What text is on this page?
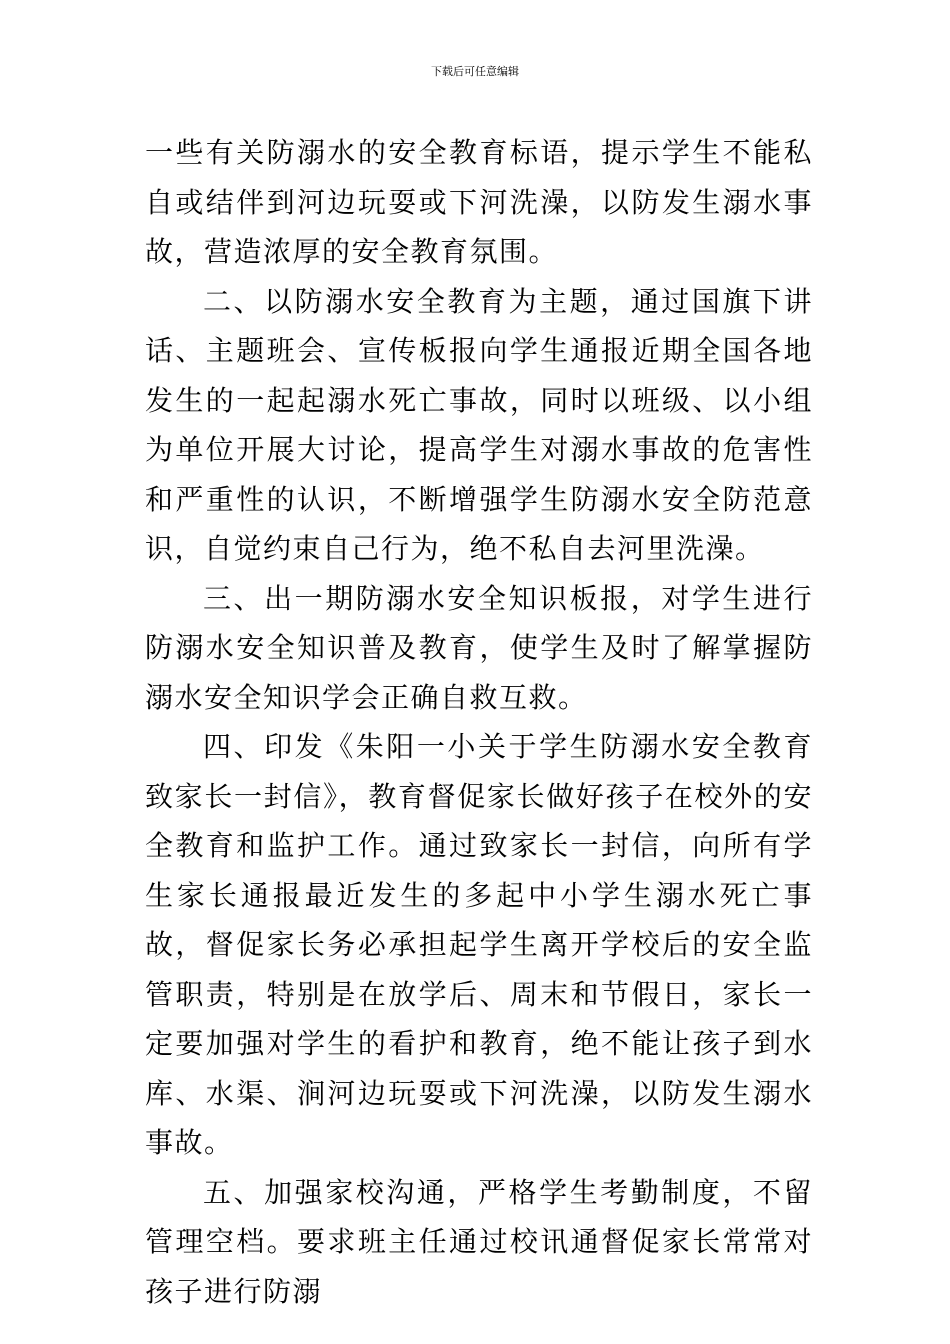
下载后可任意编辑

一些有关防溺水的安全教育标语，提示学生不能私自或结伴到河边玩耍或下河洗澡，以防发生溺水事故，营造浓厚的安全教育氛围。

二、以防溺水安全教育为主题，通过国旗下讲话、主题班会、宣传板报向学生通报近期全国各地发生的一起起溺水死亡事故，同时以班级、以小组为单位开展大讨论，提高学生对溺水事故的危害性和严重性的认识，不断增强学生防溺水安全防范意识，自觉约束自己行为，绝不私自去河里洗澡。

三、出一期防溺水安全知识板报，对学生进行防溺水安全知识普及教育，使学生及时了解掌握防溺水安全知识学会正确自救互救。

四、印发《朱阳一小关于学生防溺水安全教育致家长一封信》，教育督促家长做好孩子在校外的安全教育和监护工作。通过致家长一封信，向所有学生家长通报最近发生的多起中小学生溺水死亡事故，督促家长务必承担起学生离开学校后的安全监管职责，特别是在放学后、周末和节假日，家长一定要加强对学生的看护和教育，绝不能让孩子到水库、水渠、涧河边玩耍或下河洗澡，以防发生溺水事故。

五、加强家校沟通，严格学生考勤制度，不留管理空档。要求班主任通过校讯通督促家长常常对孩子进行防溺
